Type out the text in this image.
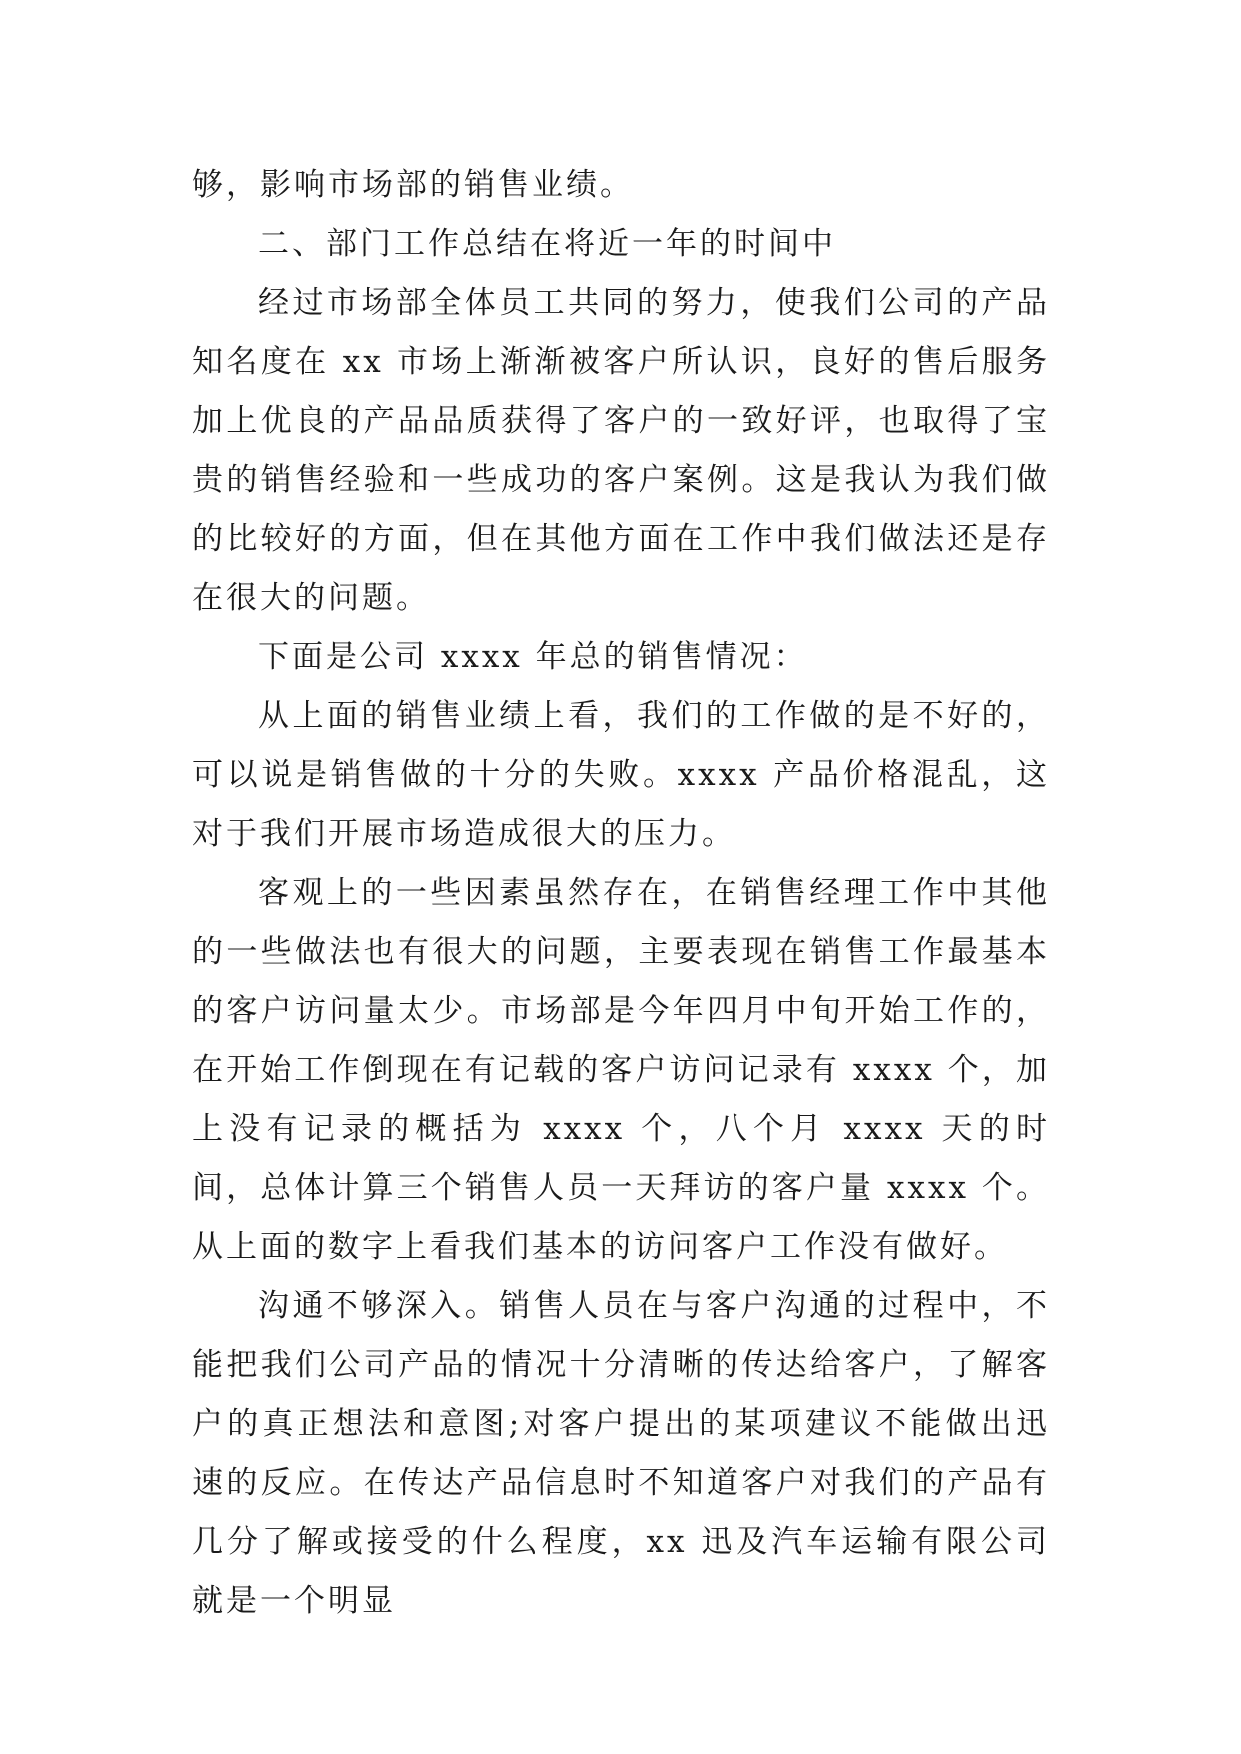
够，影响市场部的销售业绩。

二、部门工作总结在将近一年的时间中

经过市场部全体员工共同的努力，使我们公司的产品知名度在 xx 市场上渐渐被客户所认识，良好的售后服务加上优良的产品品质获得了客户的一致好评，也取得了宝贵的销售经验和一些成功的客户案例。这是我认为我们做的比较好的方面，但在其他方面在工作中我们做法还是存在很大的问题。

下面是公司 xxxx 年总的销售情况：

从上面的销售业绩上看，我们的工作做的是不好的，可以说是销售做的十分的失败。xxxx 产品价格混乱，这对于我们开展市场造成很大的压力。

客观上的一些因素虽然存在，在销售经理工作中其他的一些做法也有很大的问题，主要表现在销售工作最基本的客户访问量太少。市场部是今年四月中旬开始工作的，在开始工作倒现在有记载的客户访问记录有 xxxx 个，加上没有记录的概括为 xxxx 个，八个月 xxxx 天的时间，总体计算三个销售人员一天拜访的客户量 xxxx 个。从上面的数字上看我们基本的访问客户工作没有做好。

沟通不够深入。销售人员在与客户沟通的过程中，不能把我们公司产品的情况十分清晰的传达给客户，了解客户的真正想法和意图;对客户提出的某项建议不能做出迅速的反应。在传达产品信息时不知道客户对我们的产品有几分了解或接受的什么程度，xx 迅及汽车运输有限公司就是一个明显
